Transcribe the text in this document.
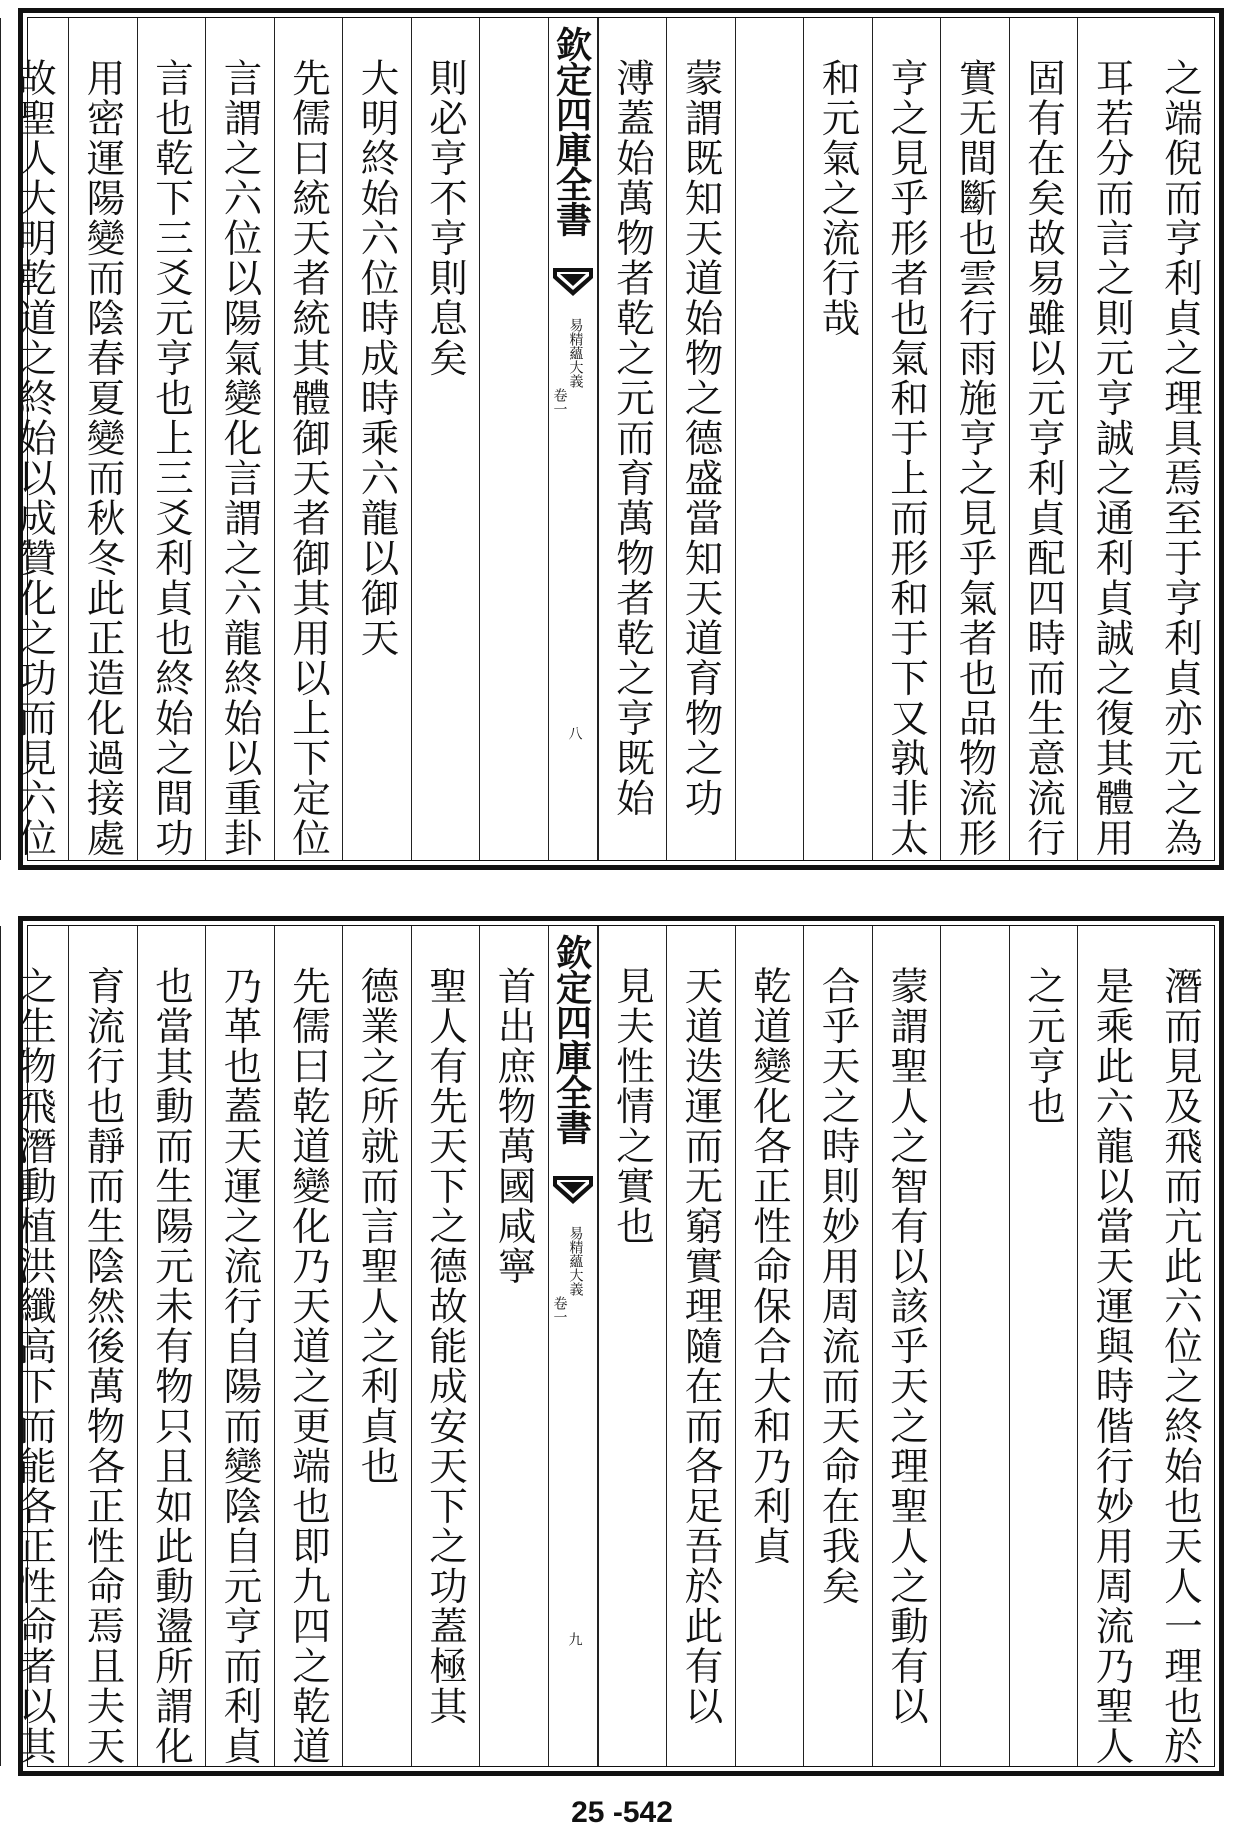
之端倪而亨利貞之理具焉至于亨利貞亦元之為
耳若分而言之則元亨誠之通利貞誠之復其體用
固有在矣故易雖以元亨利貞配四時而生意流行
實无間斷也雲行雨施亨之見乎氣者也品物流形
亨之見乎形者也氣和于上而形和于下又孰非太
和元氣之流行哉
蒙謂既知天道始物之德盛當知天道育物之功
溥蓋始萬物者乾之元而育萬物者乾之亨既始
欽定四庫全書
易精蘊大義
卷一
八
則必亨不亨則息矣
大明終始六位時成時乘六龍以御天
先儒曰統天者統其體御天者御其用以上下定位
言謂之六位以陽氣變化言謂之六龍終始以重卦
言也乾下三爻元亨也上三爻利貞也終始之間功
用密運陽變而陰春夏變而秋冬此正造化過接處
故聖人大明乾道之終始以成贊化之功而見六位
潛而見及飛而亢此六位之終始也天人一理也於
是乘此六龍以當天運與時偕行妙用周流乃聖人
之元亨也
蒙謂聖人之智有以該乎天之理聖人之動有以
合乎天之時則妙用周流而天命在我矣
乾道變化各正性命保合大和乃利貞
天道迭運而无窮實理隨在而各足吾於此有以
見夫性情之實也
欽定四庫全書
易精蘊大義
卷一
九
首出庶物萬國咸寧
聖人有先天下之德故能成安天下之功蓋極其
德業之所就而言聖人之利貞也
先儒曰乾道變化乃天道之更端也即九四之乾道
乃革也蓋天運之流行自陽而變陰自元亨而利貞
也當其動而生陽元未有物只且如此動盪所謂化
育流行也靜而生陰然後萬物各正性命焉且夫天
之生物飛潛動植洪纖高下而能各正性命者以其
25 -542
